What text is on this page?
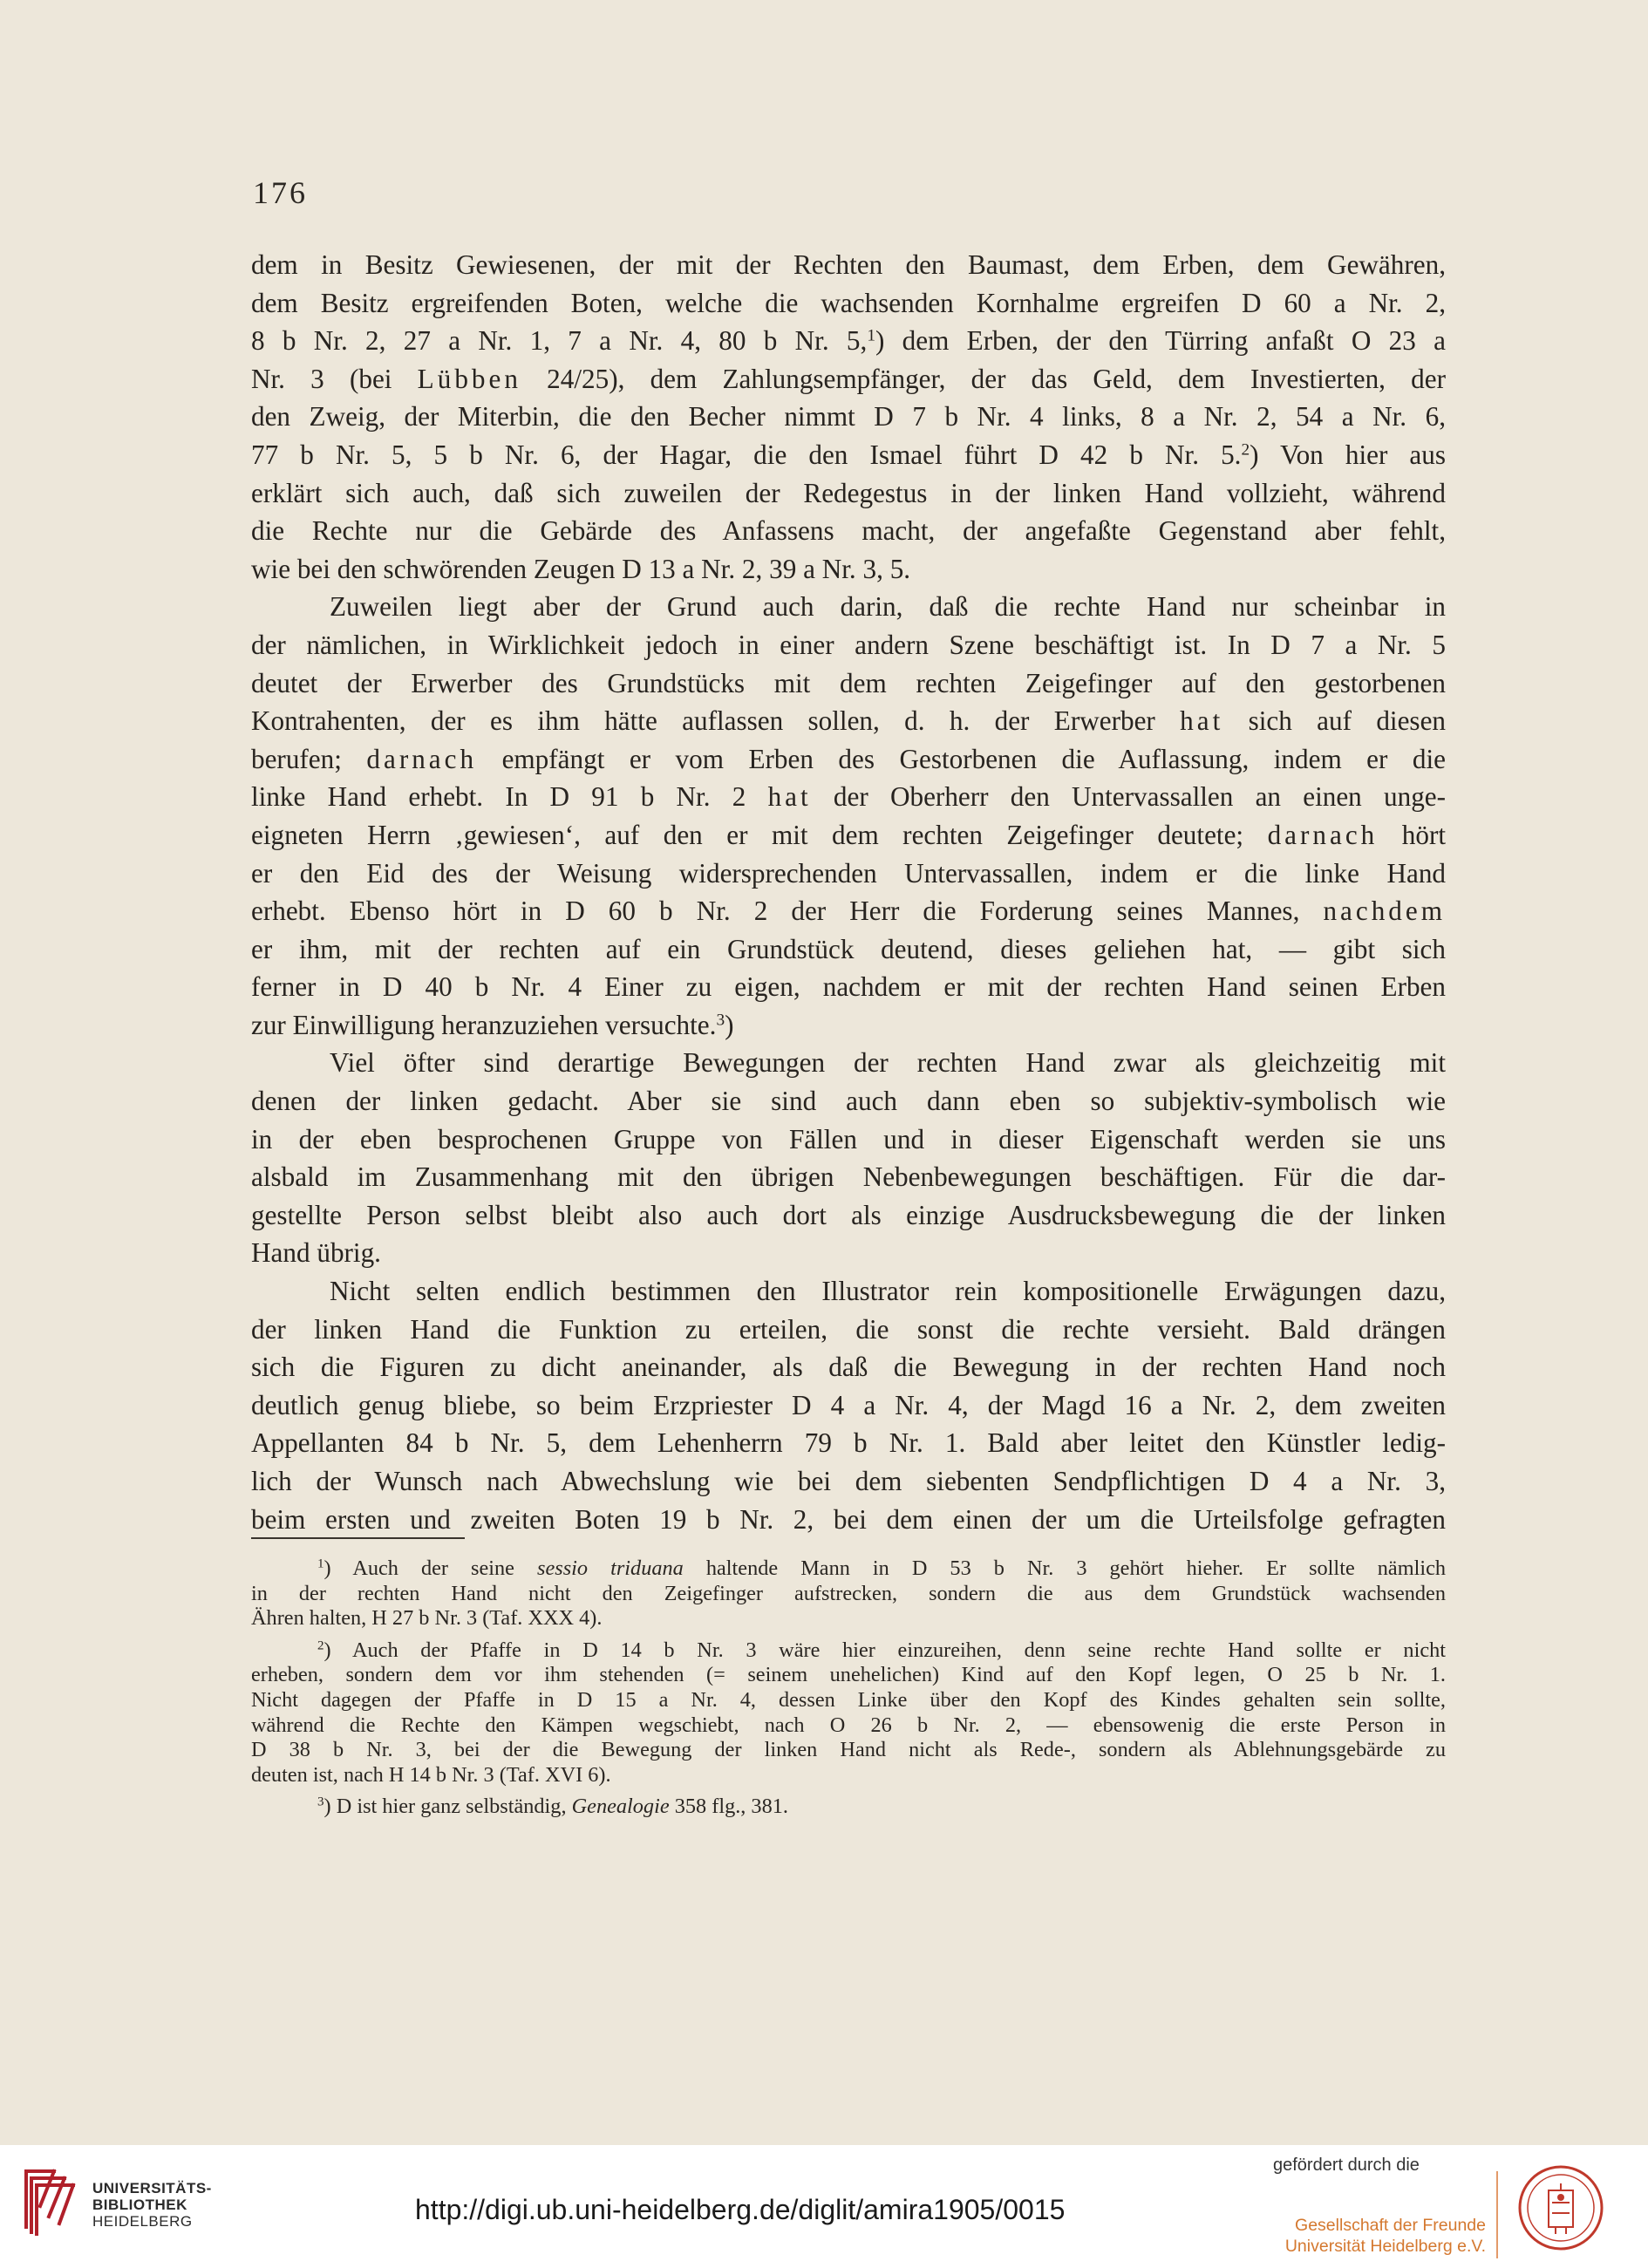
176
dem in Besitz Gewiesenen, der mit der Rechten den Baumast, dem Erben, dem Gewähren,
dem Besitz ergreifenden Boten, welche die wachsenden Kornhalme ergreifen D 60 a Nr. 2,
8 b Nr. 2, 27 a Nr. 1, 7 a Nr. 4, 80 b Nr. 5,$^1$) dem Erben, der den Türring anfaßt O 23 a
Nr. 3 (bei Lübben 24/25), dem Zahlungsempfänger, der das Geld, dem Investierten, der
den Zweig, der Miterbin, die den Becher nimmt D 7 b Nr. 4 links, 8 a Nr. 2, 54 a Nr. 6,
77 b Nr. 5, 5 b Nr. 6, der Hagar, die den Ismael führt D 42 b Nr. 5.$^2$) Von hier aus
erklärt sich auch, daß sich zuweilen der Redegestus in der linken Hand vollzieht, während
die Rechte nur die Gebärde des Anfassens macht, der angefaßte Gegenstand aber fehlt,
wie bei den schwörenden Zeugen D 13 a Nr. 2, 39 a Nr. 3, 5.
Zuweilen liegt aber der Grund auch darin, daß die rechte Hand nur scheinbar in
der nämlichen, in Wirklichkeit jedoch in einer andern Szene beschäftigt ist. In D 7 a Nr. 5
deutet der Erwerber des Grundstücks mit dem rechten Zeigefinger auf den gestorbenen
Kontrahenten, der es ihm hätte auflassen sollen, d. h. der Erwerber hat sich auf diesen
berufen; darnach empfängt er vom Erben des Gestorbenen die Auflassung, indem er die
linke Hand erhebt. In D 91 b Nr. 2 hat der Oberherr den Untervassallen an einen unge-
eigneten Herrn ‚gewiesen‘, auf den er mit dem rechten Zeigefinger deutete; darnach hört
er den Eid des der Weisung widersprechenden Untervassallen, indem er die linke Hand
erhebt. Ebenso hört in D 60 b Nr. 2 der Herr die Forderung seines Mannes, nachdem
er ihm, mit der rechten auf ein Grundstück deutend, dieses geliehen hat, — gibt sich
ferner in D 40 b Nr. 4 Einer zu eigen, nachdem er mit der rechten Hand seinen Erben
zur Einwilligung heranzuziehen versuchte.$^3$)
Viel öfter sind derartige Bewegungen der rechten Hand zwar als gleichzeitig mit
denen der linken gedacht. Aber sie sind auch dann eben so subjektiv-symbolisch wie
in der eben besprochenen Gruppe von Fällen und in dieser Eigenschaft werden sie uns
alsbald im Zusammenhang mit den übrigen Nebenbewegungen beschäftigen. Für die dar-
gestellte Person selbst bleibt also auch dort als einzige Ausdrucksbewegung die der linken
Hand übrig.
Nicht selten endlich bestimmen den Illustrator rein kompositionelle Erwägungen dazu,
der linken Hand die Funktion zu erteilen, die sonst die rechte versieht. Bald drängen
sich die Figuren zu dicht aneinander, als daß die Bewegung in der rechten Hand noch
deutlich genug bliebe, so beim Erzpriester D 4 a Nr. 4, der Magd 16 a Nr. 2, dem zweiten
Appellanten 84 b Nr. 5, dem Lehenherrn 79 b Nr. 1. Bald aber leitet den Künstler ledig-
lich der Wunsch nach Abwechslung wie bei dem siebenten Sendpflichtigen D 4 a Nr. 3,
beim ersten und zweiten Boten 19 b Nr. 2, bei dem einen der um die Urteilsfolge gefragten
$^1$) Auch der seine sessio triduana haltende Mann in D 53 b Nr. 3 gehört hieher. Er sollte nämlich
in der rechten Hand nicht den Zeigefinger aufstrecken, sondern die aus dem Grundstück wachsenden
Ähren halten, H 27 b Nr. 3 (Taf. XXX 4).
$^2$) Auch der Pfaffe in D 14 b Nr. 3 wäre hier einzureihen, denn seine rechte Hand sollte er nicht
erheben, sondern dem vor ihm stehenden (= seinem unehelichen) Kind auf den Kopf legen, O 25 b Nr. 1.
Nicht dagegen der Pfaffe in D 15 a Nr. 4, dessen Linke über den Kopf des Kindes gehalten sein sollte,
während die Rechte den Kämpen wegschiebt, nach O 26 b Nr. 2, — ebensowenig die erste Person in
D 38 b Nr. 3, bei der die Bewegung der linken Hand nicht als Rede-, sondern als Ablehnungsgebärde zu
deuten ist, nach H 14 b Nr. 3 (Taf. XVI 6).
$^3$) D ist hier ganz selbständig, Genealogie 358 flg., 381.
UNIVERSITÄTS-
BIBLIOTHEK
HEIDELBERG	http://digi.ub.uni-heidelberg.de/diglit/amira1905/0015
gefördert durch die
Gesellschaft der Freunde
Universität Heidelberg e.V.
